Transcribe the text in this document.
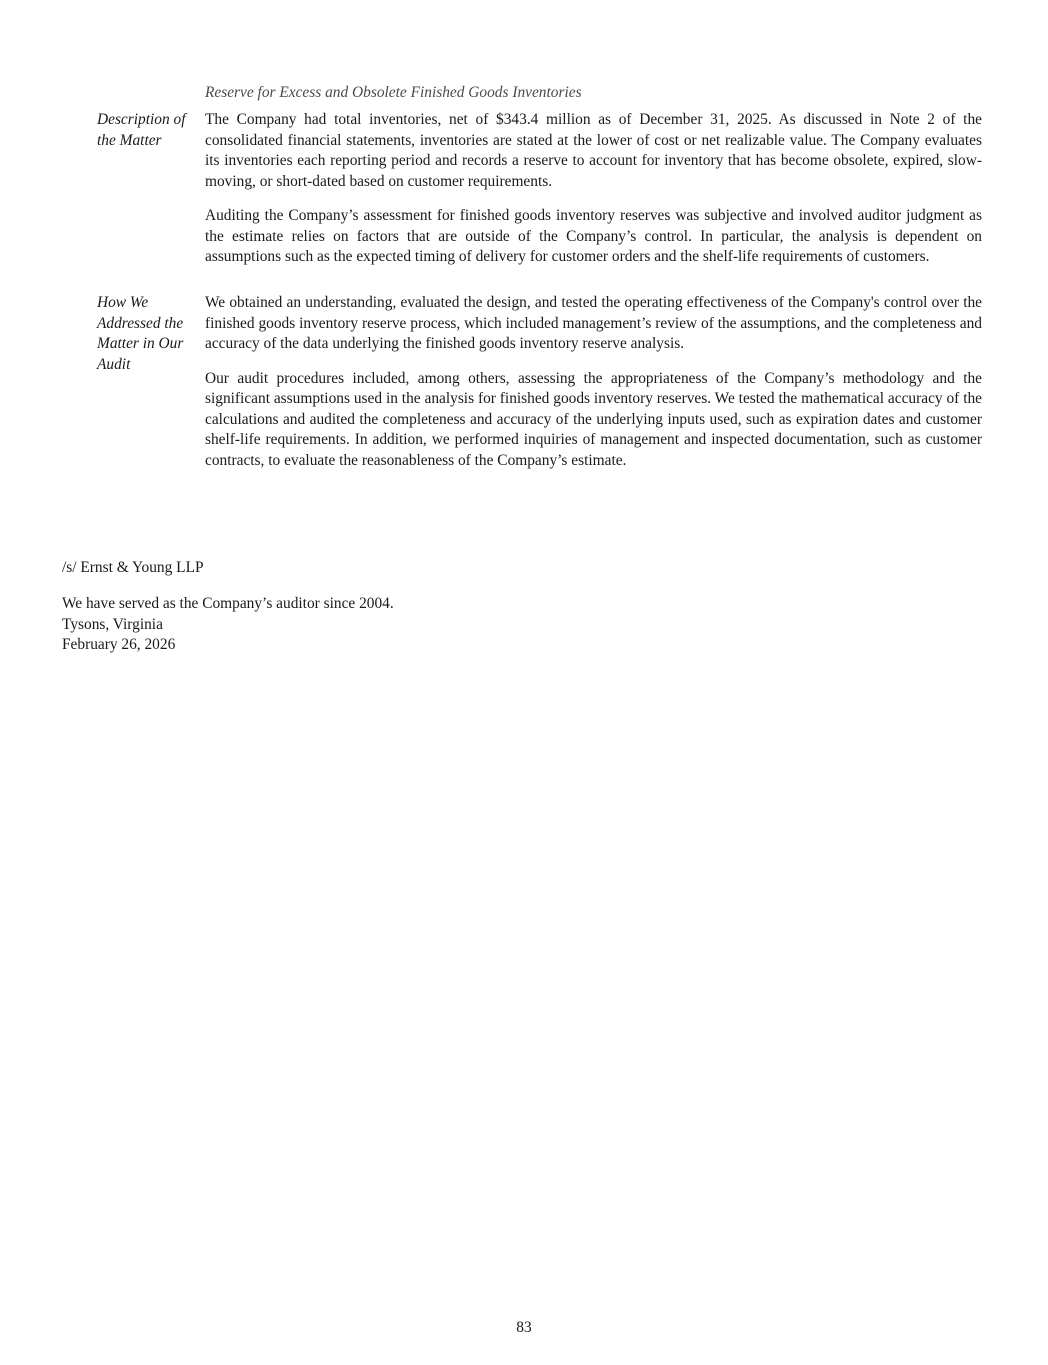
Reserve for Excess and Obsolete Finished Goods Inventories
Description of the Matter

The Company had total inventories, net of $343.4 million as of December 31, 2025. As discussed in Note 2 of the consolidated financial statements, inventories are stated at the lower of cost or net realizable value. The Company evaluates its inventories each reporting period and records a reserve to account for inventory that has become obsolete, expired, slow-moving, or short-dated based on customer requirements.

Auditing the Company’s assessment for finished goods inventory reserves was subjective and involved auditor judgment as the estimate relies on factors that are outside of the Company’s control. In particular, the analysis is dependent on assumptions such as the expected timing of delivery for customer orders and the shelf-life requirements of customers.

How We Addressed the Matter in Our Audit

We obtained an understanding, evaluated the design, and tested the operating effectiveness of the Company's control over the finished goods inventory reserve process, which included management’s review of the assumptions, and the completeness and accuracy of the data underlying the finished goods inventory reserve analysis.

Our audit procedures included, among others, assessing the appropriateness of the Company’s methodology and the significant assumptions used in the analysis for finished goods inventory reserves. We tested the mathematical accuracy of the calculations and audited the completeness and accuracy of the underlying inputs used, such as expiration dates and customer shelf-life requirements. In addition, we performed inquiries of management and inspected documentation, such as customer contracts, to evaluate the reasonableness of the Company’s estimate.

/s/ Ernst & Young LLP
We have served as the Company’s auditor since 2004.
Tysons, Virginia
February 26, 2026
83
